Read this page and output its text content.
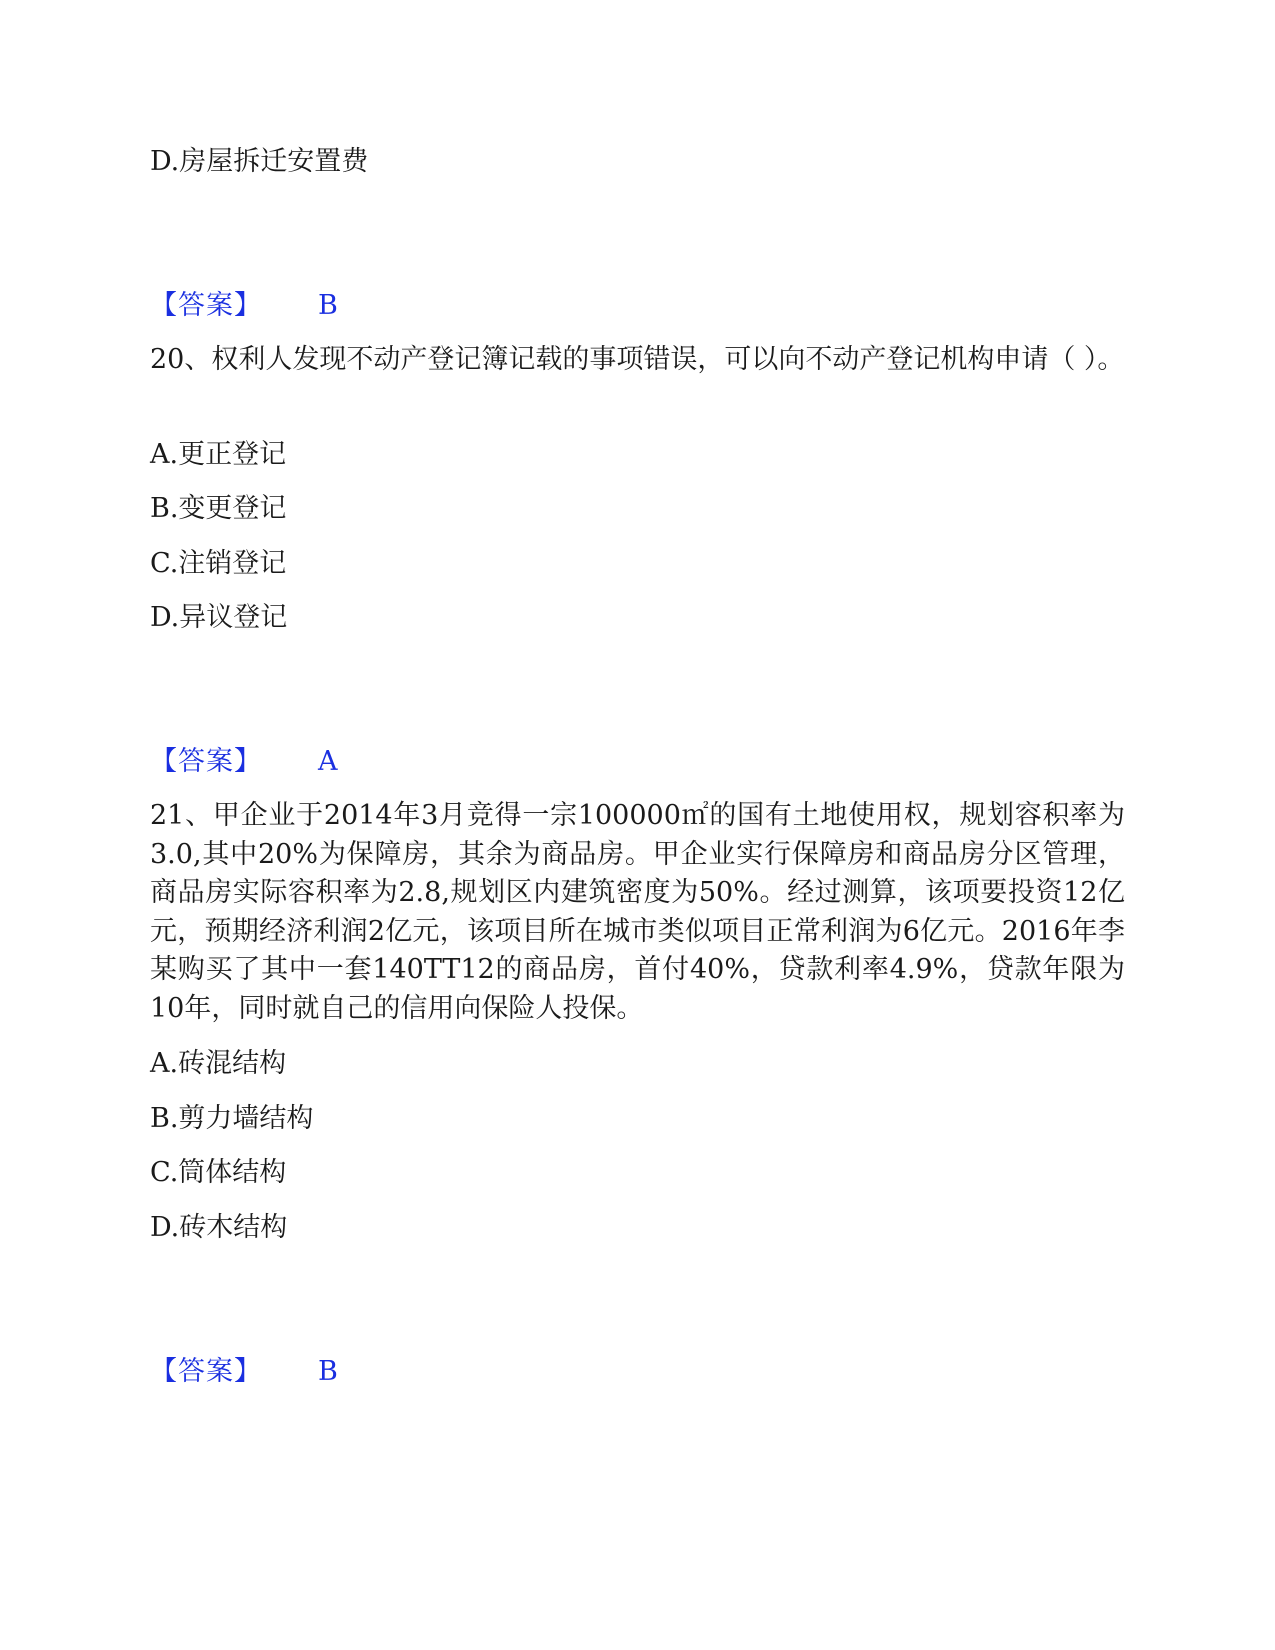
D.房屋拆迁安置费
【答案】 B
20、权利人发现不动产登记簿记载的事项错误，可以向不动产登记机构申请（ ）。
A.更正登记
B.变更登记
C.注销登记
D.异议登记
【答案】 A
21、甲企业于2014年3月竞得一宗100000㎡的国有土地使用权，规划容积率为3.0,其中20%为保障房，其余为商品房。甲企业实行保障房和商品房分区管理，商品房实际容积率为2.8,规划区内建筑密度为50%。经过测算，该项要投资12亿元，预期经济利润2亿元，该项目所在城市类似项目正常利润为6亿元。2016年李某购买了其中一套140TT12的商品房，首付40%，贷款利率4.9%，贷款年限为10年，同时就自己的信用向保险人投保。
A.砖混结构
B.剪力墙结构
C.筒体结构
D.砖木结构
【答案】 B
